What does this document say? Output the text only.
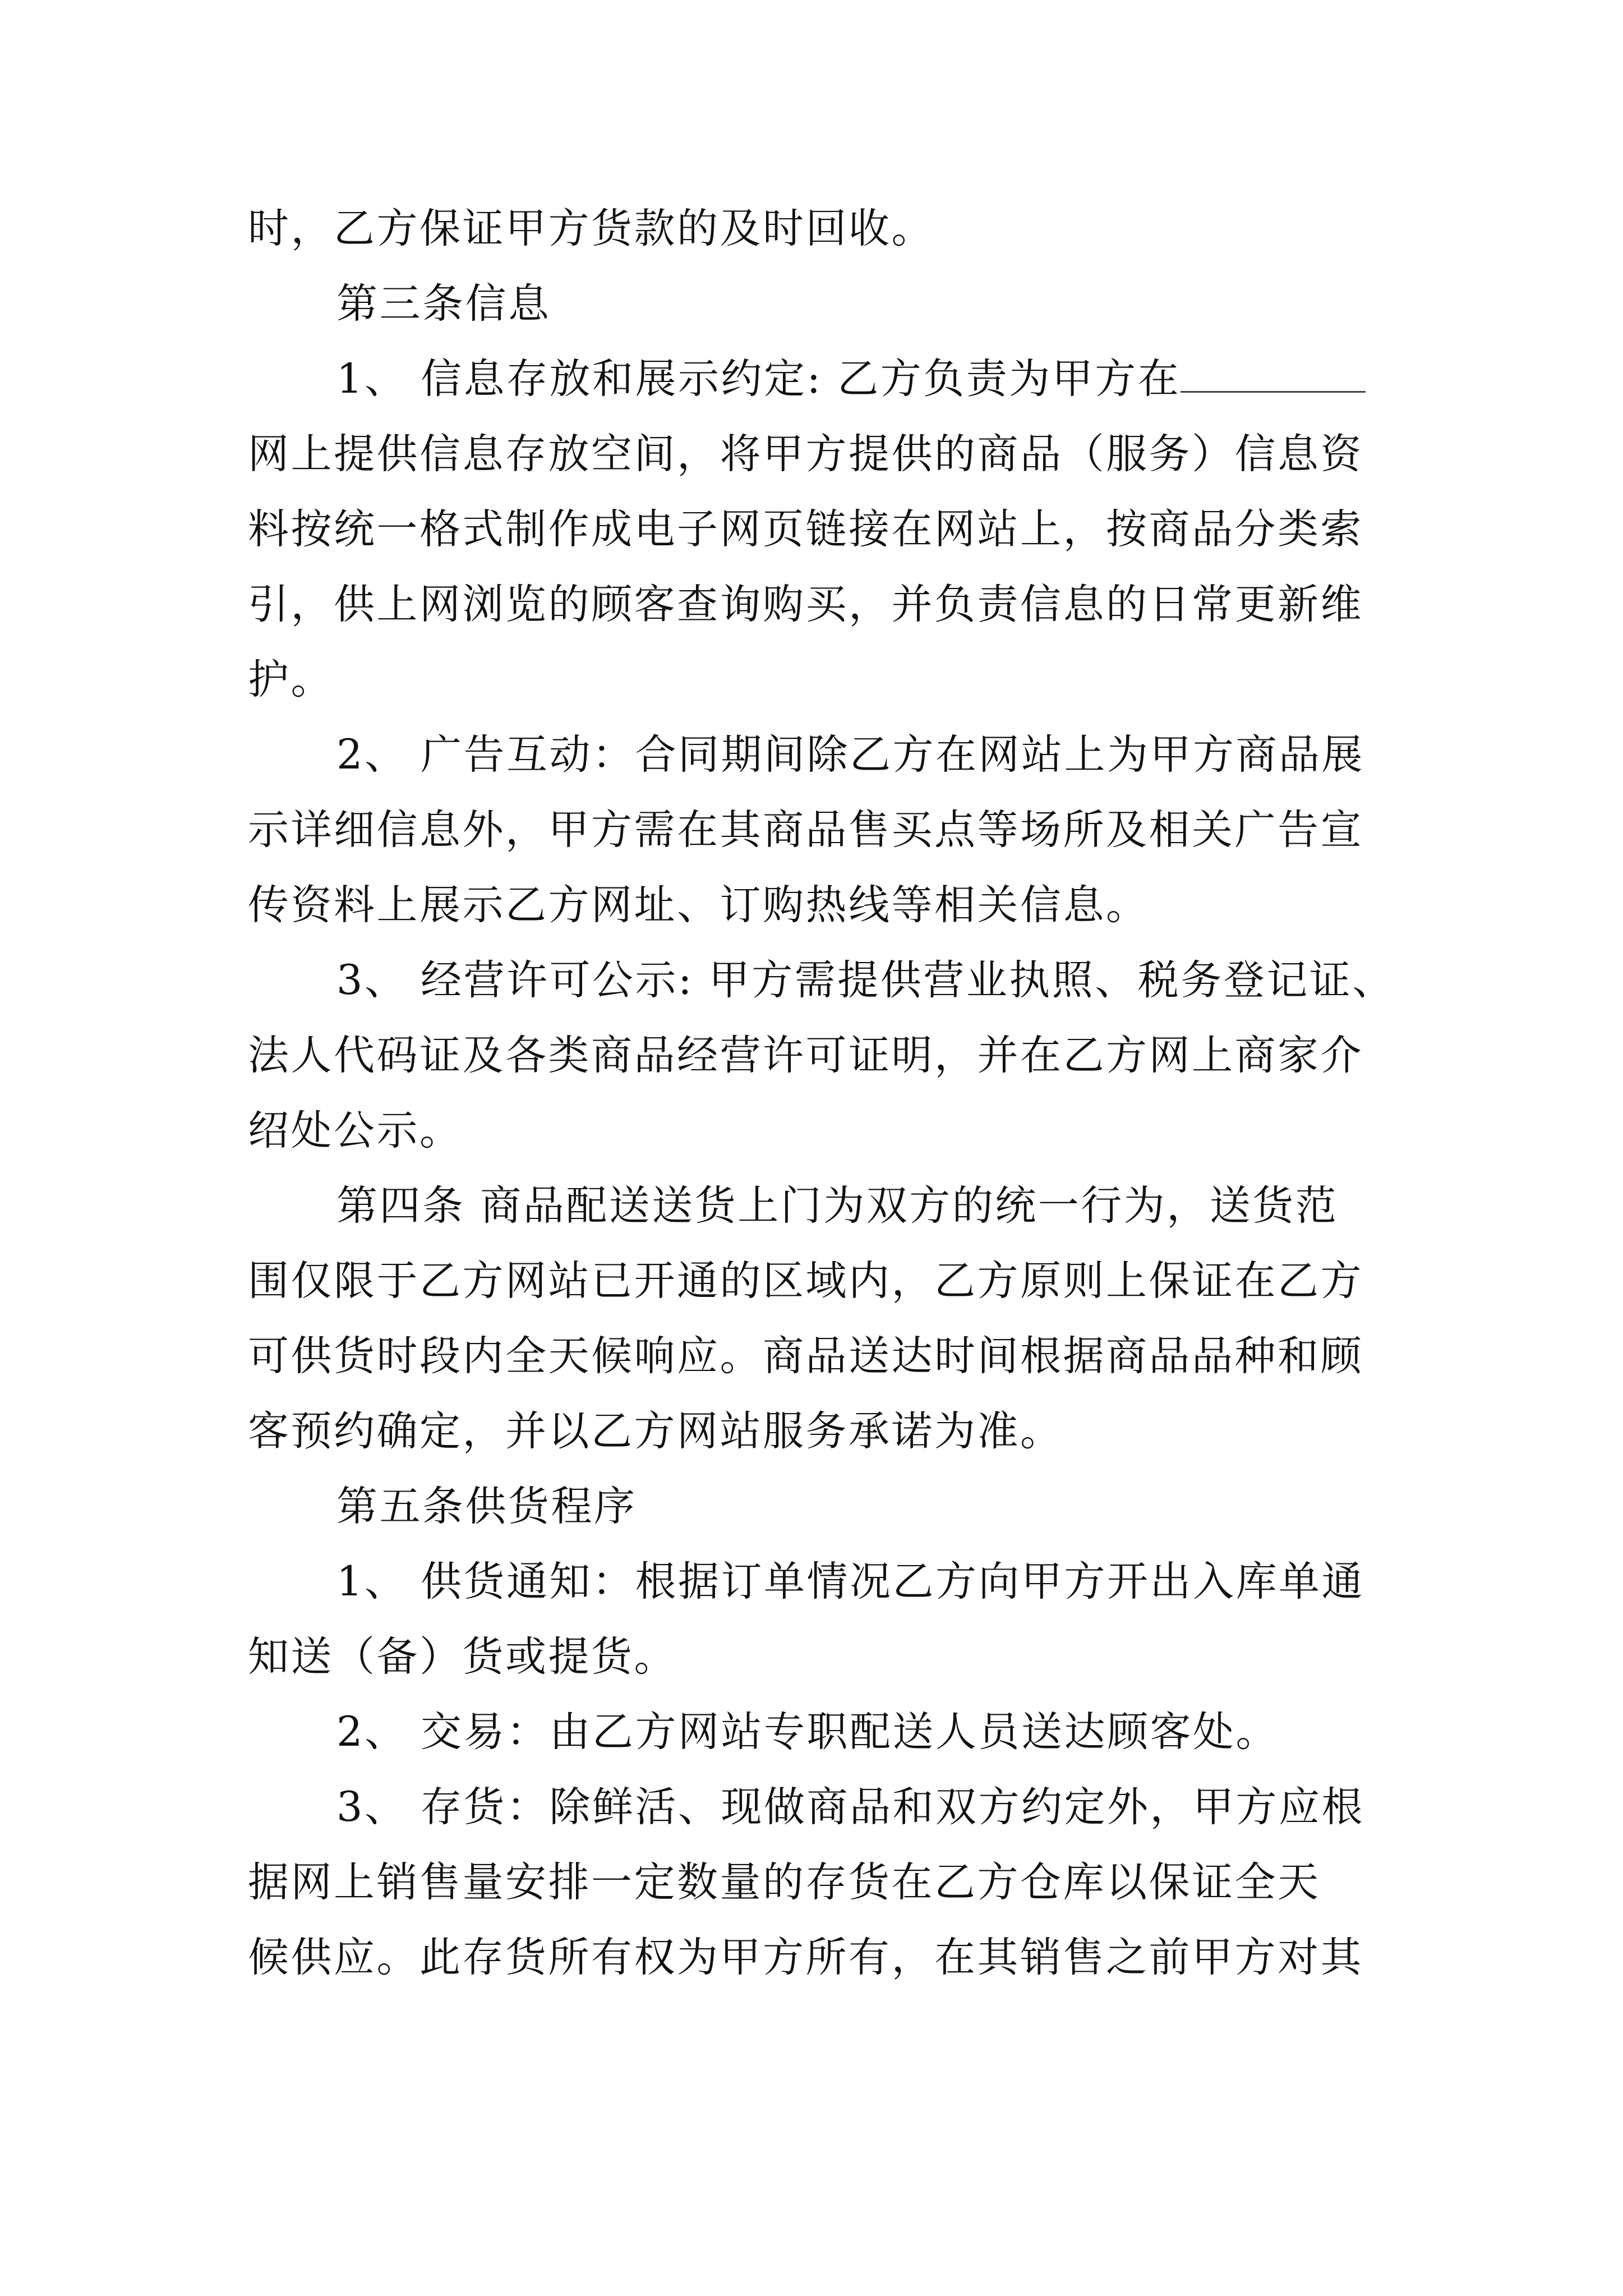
时，乙方保证甲方货款的及时回收。
第三条信息
1、 信息存放和展示约定: 乙方负责为甲方在
网上提供信息存放空间，将甲方提供的商品（服务）信息资
料按统一格式制作成电子网页链接在网站上，按商品分类索
引，供上网浏览的顾客查询购买，并负责信息的日常更新维
护。
2、 广告互动：合同期间除乙方在网站上为甲方商品展
示详细信息外，甲方需在其商品售买点等场所及相关广告宣
传资料上展示乙方网址、订购热线等相关信息。
3、 经营许可公示: 甲方需提供营业执照、税务登记证、
法人代码证及各类商品经营许可证明，并在乙方网上商家介
绍处公示。
第四条 商品配送送货上门为双方的统一行为，送货范
围仅限于乙方网站已开通的区域内，乙方原则上保证在乙方
可供货时段内全天候响应。商品送达时间根据商品品种和顾
客预约确定，并以乙方网站服务承诺为准。
第五条供货程序
1、 供货通知：根据订单情况乙方向甲方开出入库单通
知送（备）货或提货。
2、 交易：由乙方网站专职配送人员送达顾客处。
3、 存货：除鲜活、现做商品和双方约定外，甲方应根
据网上销售量安排一定数量的存货在乙方仓库以保证全天
候供应。此存货所有权为甲方所有，在其销售之前甲方对其
